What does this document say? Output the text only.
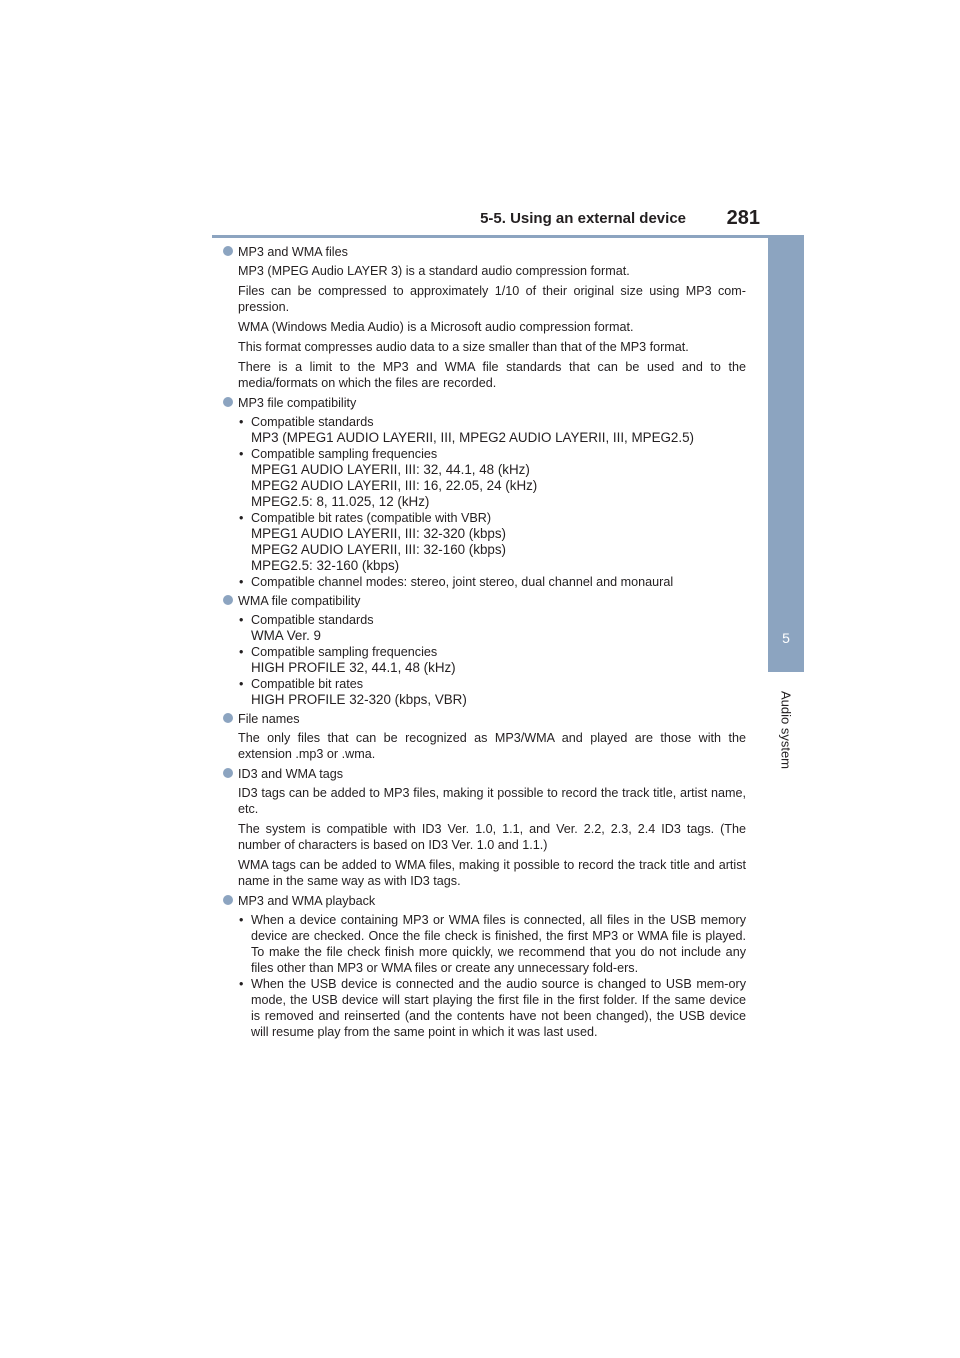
5-5. Using an external device 281
5
Audio system
MP3 and WMA files
MP3 (MPEG Audio LAYER 3) is a standard audio compression format.
Files can be compressed to approximately 1/10 of their original size using MP3 com-pression.
WMA (Windows Media Audio) is a Microsoft audio compression format.
This format compresses audio data to a size smaller than that of the MP3 format.
There is a limit to the MP3 and WMA file standards that can be used and to the media/formats on which the files are recorded.
MP3 file compatibility
• Compatible standards
MP3 (MPEG1 AUDIO LAYERII, III, MPEG2 AUDIO LAYERII, III, MPEG2.5)
• Compatible sampling frequencies
MPEG1 AUDIO LAYERII, III: 32, 44.1, 48 (kHz)
MPEG2 AUDIO LAYERII, III: 16, 22.05, 24 (kHz)
MPEG2.5: 8, 11.025, 12 (kHz)
• Compatible bit rates (compatible with VBR)
MPEG1 AUDIO LAYERII, III: 32-320 (kbps)
MPEG2 AUDIO LAYERII, III: 32-160 (kbps)
MPEG2.5: 32-160 (kbps)
• Compatible channel modes: stereo, joint stereo, dual channel and monaural
WMA file compatibility
• Compatible standards
WMA Ver. 9
• Compatible sampling frequencies
HIGH PROFILE 32, 44.1, 48 (kHz)
• Compatible bit rates
HIGH PROFILE 32-320 (kbps, VBR)
File names
The only files that can be recognized as MP3/WMA and played are those with the extension .mp3 or .wma.
ID3 and WMA tags
ID3 tags can be added to MP3 files, making it possible to record the track title, artist name, etc.
The system is compatible with ID3 Ver. 1.0, 1.1, and Ver. 2.2, 2.3, 2.4 ID3 tags. (The number of characters is based on ID3 Ver. 1.0 and 1.1.)
WMA tags can be added to WMA files, making it possible to record the track title and artist name in the same way as with ID3 tags.
MP3 and WMA playback
• When a device containing MP3 or WMA files is connected, all files in the USB memory device are checked. Once the file check is finished, the first MP3 or WMA file is played. To make the file check finish more quickly, we recommend that you do not include any files other than MP3 or WMA files or create any unnecessary fold-ers.
• When the USB device is connected and the audio source is changed to USB mem-ory mode, the USB device will start playing the first file in the first folder. If the same device is removed and reinserted (and the contents have not been changed), the USB device will resume play from the same point in which it was last used.
